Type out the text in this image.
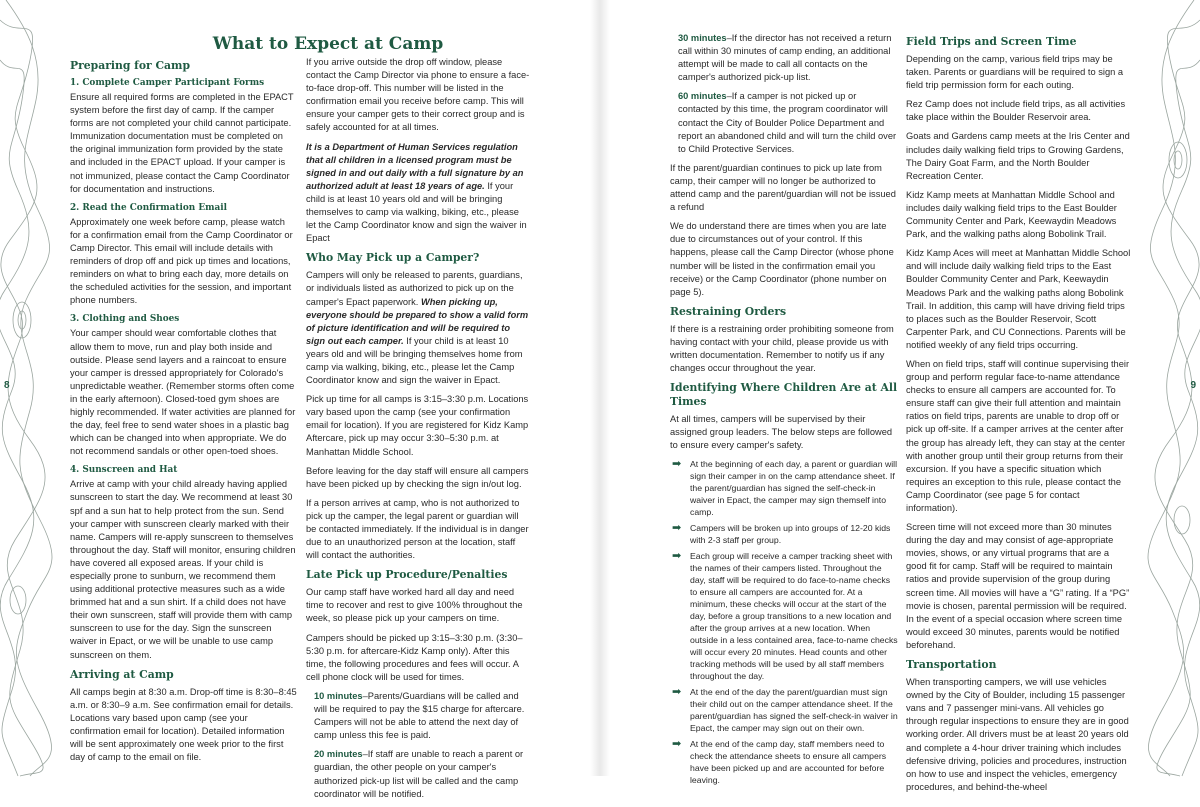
8	9
What to Expect at Camp
Preparing for Camp
1. Complete Camper Participant Forms

Ensure all required forms are completed in the EPACT system before the first day of camp. If the camper forms are not completed your child cannot participate. Immunization documentation must be completed on the original immunization form provided by the state and included in the EPACT upload. If your camper is not immunized, please contact the Camp Coordinator for documentation and instructions.

2. Read the Confirmation Email

Approximately one week before camp, please watch for a confirmation email from the Camp Coordinator or Camp Director. This email will include details with reminders of drop off and pick up times and locations, reminders on what to bring each day, more details on the scheduled activities for the session, and important phone numbers.

3. Clothing and Shoes

Your camper should wear comfortable clothes that allow them to move, run and play both inside and outside. Please send layers and a raincoat to ensure your camper is dressed appropriately for Colorado's unpredictable weather. (Remember storms often come in the early afternoon). Closed-toed gym shoes are highly recommended. If water activities are planned for the day, feel free to send water shoes in a plastic bag which can be changed into when appropriate. We do not recommend sandals or other open-toed shoes.

4. Sunscreen and Hat

Arrive at camp with your child already having applied sunscreen to start the day. We recommend at least 30 spf and a sun hat to help protect from the sun. Send your camper with sunscreen clearly marked with their name. Campers will re-apply sunscreen to themselves throughout the day. Staff will monitor, ensuring children have covered all exposed areas. If your child is especially prone to sunburn, we recommend them using additional protective measures such as a wide brimmed hat and a sun shirt. If a child does not have their own sunscreen, staff will provide them with camp sunscreen to use for the day. Sign the sunscreen waiver in Epact, or we will be unable to use camp sunscreen on them.

Arriving at Camp

All camps begin at 8:30 a.m. Drop-off time is 8:30–8:45 a.m. or 8:30–9 a.m. See confirmation email for details. Locations vary based upon camp (see your confirmation email for location). Detailed information will be sent approximately one week prior to the first day of camp to the email on file.

If you arrive outside the drop off window, please contact the Camp Director via phone to ensure a face-to-face drop-off. This number will be listed in the confirmation email you receive before camp. This will ensure your camper gets to their correct group and is safely accounted for at all times.

It is a Department of Human Services regulation that all children in a licensed program must be signed in and out daily with a full signature by an authorized adult at least 18 years of age. If your child is at least 10 years old and will be bringing themselves to camp via walking, biking, etc., please let the Camp Coordinator know and sign the waiver in Epact

Who May Pick up a Camper?

Campers will only be released to parents, guardians, or individuals listed as authorized to pick up on the camper's Epact paperwork. When picking up, everyone should be prepared to show a valid form of picture identification and will be required to sign out each camper. If your child is at least 10 years old and will be bringing themselves home from camp via walking, biking, etc., please let the Camp Coordinator know and sign the waiver in Epact.

Pick up time for all camps is 3:15–3:30 p.m. Locations vary based upon the camp (see your confirmation email for location). If you are registered for Kidz Kamp Aftercare, pick up may occur 3:30–5:30 p.m. at Manhattan Middle School.

Before leaving for the day staff will ensure all campers have been picked up by checking the sign in/out log.

If a person arrives at camp, who is not authorized to pick up the camper, the legal parent or guardian will be contacted immediately. If the individual is in danger due to an unauthorized person at the location, staff will contact the authorities.

Late Pick up Procedure/Penalties

Our camp staff have worked hard all day and need time to recover and rest to give 100% throughout the week, so please pick up your campers on time.

Campers should be picked up 3:15–3:30 p.m. (3:30–5:30 p.m. for aftercare-Kidz Kamp only). After this time, the following procedures and fees will occur. A cell phone clock will be used for times.

10 minutes–Parents/Guardians will be called and will be required to pay the $15 charge for aftercare. Campers will not be able to attend the next day of camp unless this fee is paid.

20 minutes–If staff are unable to reach a parent or guardian, the other people on your camper's authorized pick-up list will be called and the camp coordinator will be notified.

30 minutes–If the director has not received a return call within 30 minutes of camp ending, an additional attempt will be made to call all contacts on the camper's authorized pick-up list.

60 minutes–If a camper is not picked up or contacted by this time, the program coordinator will contact the City of Boulder Police Department and report an abandoned child and will turn the child over to Child Protective Services.

If the parent/guardian continues to pick up late from camp, their camper will no longer be authorized to attend camp and the parent/guardian will not be issued a refund

We do understand there are times when you are late due to circumstances out of your control. If this happens, please call the Camp Director (whose phone number will be listed in the confirmation email you receive) or the Camp Coordinator (phone number on page 5).

Restraining Orders

If there is a restraining order prohibiting someone from having contact with your child, please provide us with written documentation. Remember to notify us if any changes occur throughout the year.

Identifying Where Children Are at All Times

At all times, campers will be supervised by their assigned group leaders. The below steps are followed to ensure every camper's safety.

➡ At the beginning of each day, a parent or guardian will sign their camper in on the camp attendance sheet. If the parent/guardian has signed the self-check-in waiver in Epact, the camper may sign themself into camp.
➡ Campers will be broken up into groups of 12-20 kids with 2-3 staff per group.
➡ Each group will receive a camper tracking sheet with the names of their campers listed. Throughout the day, staff will be required to do face-to-name checks to ensure all campers are accounted for. At a minimum, these checks will occur at the start of the day, before a group transitions to a new location and after the group arrives at a new location. When outside in a less contained area, face-to-name checks will occur every 20 minutes. Head counts and other tracking methods will be used by all staff members throughout the day.
➡ At the end of the day the parent/guardian must sign their child out on the camper attendance sheet. If the parent/guardian has signed the self-check-in waiver in Epact, the camper may sign out on their own.
➡ At the end of the camp day, staff members need to check the attendance sheets to ensure all campers have been picked up and are accounted for before leaving.
Field Trips and Screen Time

Depending on the camp, various field trips may be taken. Parents or guardians will be required to sign a field trip permission form for each outing.

Rez Camp does not include field trips, as all activities take place within the Boulder Reservoir area.

Goats and Gardens camp meets at the Iris Center and includes daily walking field trips to Growing Gardens, The Dairy Goat Farm, and the North Boulder Recreation Center.

Kidz Kamp meets at Manhattan Middle School and includes daily walking field trips to the East Boulder Community Center and Park, Keewaydin Meadows Park, and the walking paths along Bobolink Trail.

Kidz Kamp Aces will meet at Manhattan Middle School and will include daily walking field trips to the East Boulder Community Center and Park, Keewaydin Meadows Park and the walking paths along Bobolink Trail. In addition, this camp will have driving field trips to places such as the Boulder Reservoir, Scott Carpenter Park, and CU Connections. Parents will be notified weekly of any field trips occurring.

When on field trips, staff will continue supervising their group and perform regular face-to-name attendance checks to ensure all campers are accounted for. To ensure staff can give their full attention and maintain ratios on field trips, parents are unable to drop off or pick up off-site. If a camper arrives at the center after the group has already left, they can stay at the center with another group until their group returns from their excursion. If you have a specific situation which requires an exception to this rule, please contact the Camp Coordinator (see page 5 for contact information).

Screen time will not exceed more than 30 minutes during the day and may consist of age-appropriate movies, shows, or any virtual programs that are a good fit for camp. Staff will be required to maintain ratios and provide supervision of the group during screen time. All movies will have a “G” rating. If a “PG” movie is chosen, parental permission will be required. In the event of a special occasion where screen time would exceed 30 minutes, parents would be notified beforehand.

Transportation

When transporting campers, we will use vehicles owned by the City of Boulder, including 15 passenger vans and 7 passenger mini-vans. All vehicles go through regular inspections to ensure they are in good working order. All drivers must be at least 20 years old and complete a 4-hour driver training which includes defensive driving, policies and procedures, instruction on how to use and inspect the vehicles, emergency procedures, and behind-the-wheel
